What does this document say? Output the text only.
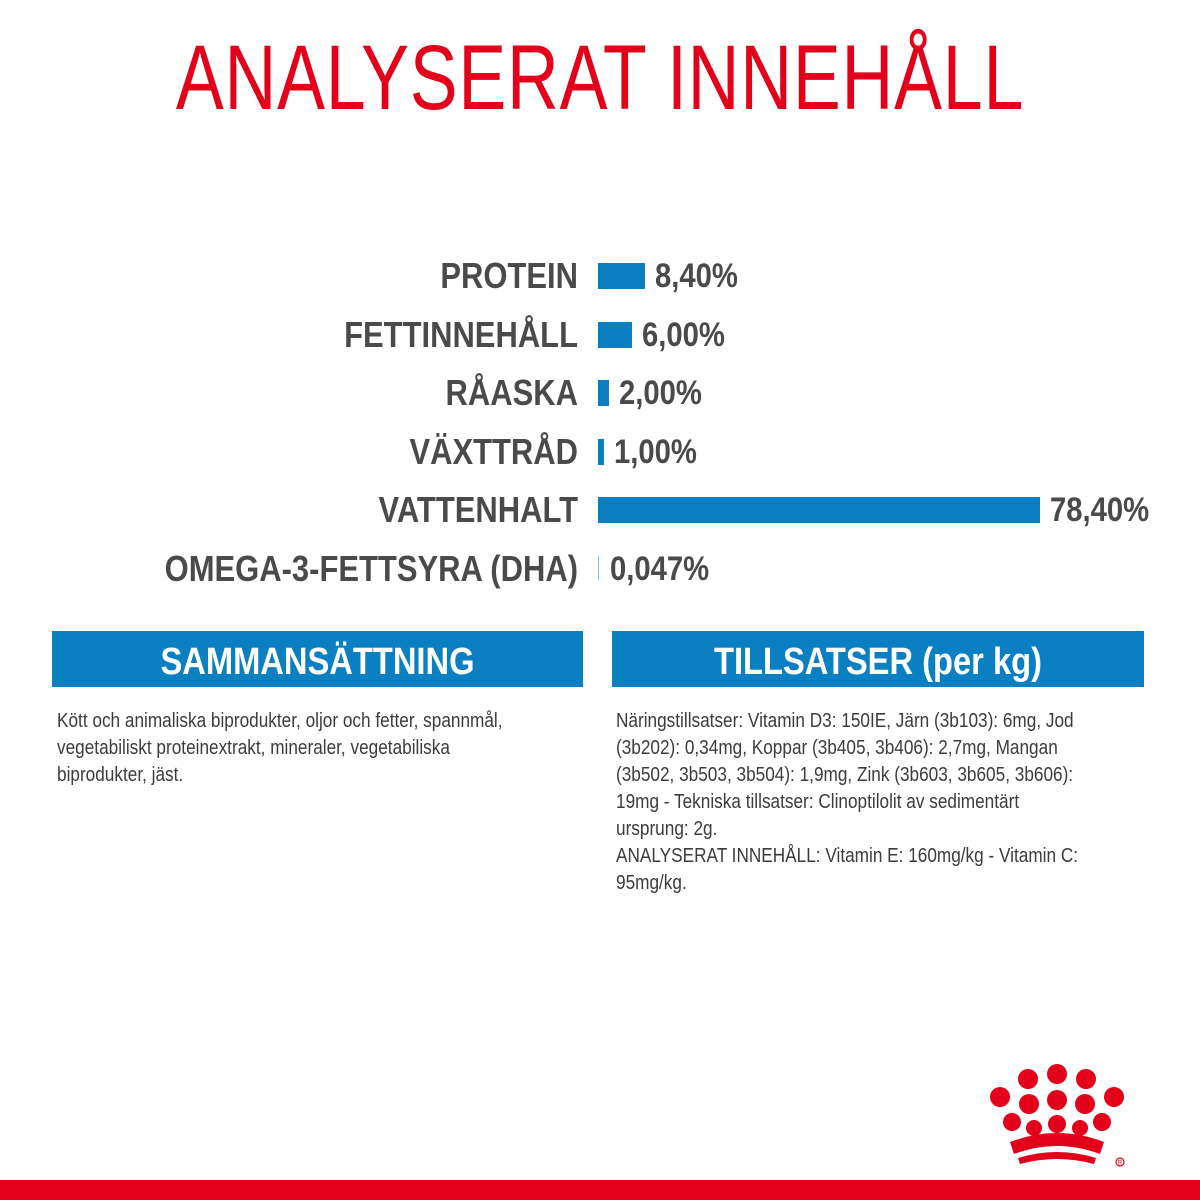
ANALYSERAT INNEHÅLL
PROTEIN 8,40%
FETTINNEHÅLL 6,00%
RÅASKA 2,00%
VÄXTTRÅD 1,00%
VATTENHALT	78,40%
OMEGA-3-FETTSYRA (DHA) 0,047%
SAMMANSÄTTNING	TILLSATSER (per kg)
Kött och animaliska biprodukter, oljor och fetter, spannmål,
vegetabiliskt proteinextrakt, mineraler, vegetabiliska
biprodukter, jäst.
Näringstillsatser: Vitamin D3: 150IE, Järn (3b103): 6mg, Jod
(3b202): 0,34mg, Koppar (3b405, 3b406): 2,7mg, Mangan
(3b502, 3b503, 3b504): 1,9mg, Zink (3b603, 3b605, 3b606):
19mg - Tekniska tillsatser: Clinoptilolit av sedimentärt
ursprung: 2g.
ANALYSERAT INNEHÅLL: Vitamin E: 160mg/kg - Vitamin C:
95mg/kg.
R
